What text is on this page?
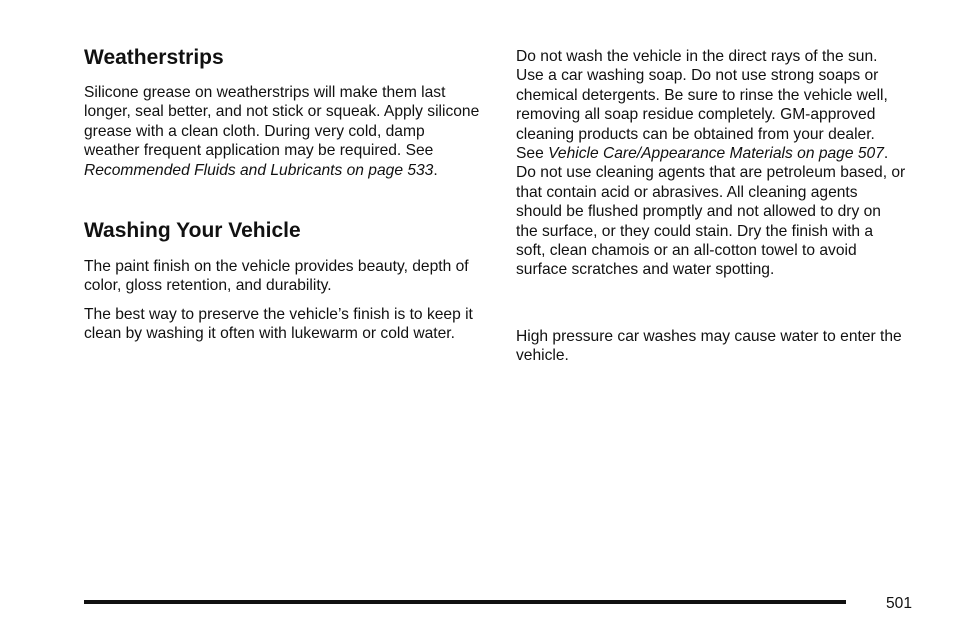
Weatherstrips

Silicone grease on weatherstrips will make them last longer, seal better, and not stick or squeak. Apply silicone grease with a clean cloth. During very cold, damp weather frequent application may be required. See Recommended Fluids and Lubricants on page 533.

Washing Your Vehicle

The paint finish on the vehicle provides beauty, depth of color, gloss retention, and durability.

The best way to preserve the vehicle’s finish is to keep it clean by washing it often with lukewarm or cold water.

Do not wash the vehicle in the direct rays of the sun. Use a car washing soap. Do not use strong soaps or chemical detergents. Be sure to rinse the vehicle well, removing all soap residue completely. GM-approved cleaning products can be obtained from your dealer. See Vehicle Care/Appearance Materials on page 507. Do not use cleaning agents that are petroleum based, or that contain acid or abrasives. All cleaning agents should be flushed promptly and not allowed to dry on the surface, or they could stain. Dry the finish with a soft, clean chamois or an all-cotton towel to avoid surface scratches and water spotting.

High pressure car washes may cause water to enter the vehicle.

501
